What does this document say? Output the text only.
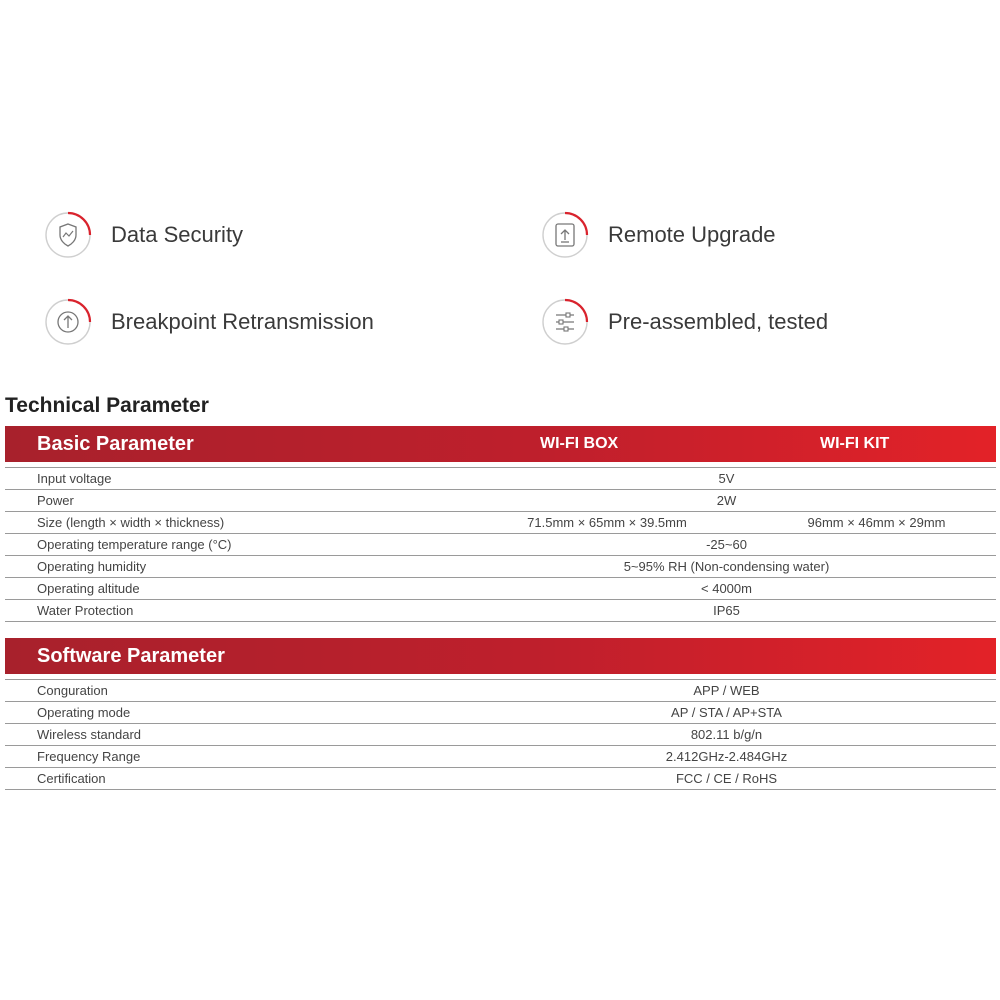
Data Security	Remote Upgrade
Breakpoint Retransmission	Pre-assembled, tested
Technical Parameter
Basic Parameter	WI-FI BOX	WI-FI KIT
Input voltage	5V	
Power	2W	
Size (length × width × thickness)	71.5mm × 65mm × 39.5mm	96mm × 46mm × 29mm
Operating temperature range (°C)	-25~60	
Operating humidity	5~95% RH (Non-condensing water)	
Operating altitude	< 4000m	
Water Protection	IP65	
Software Parameter
Conguration	APP / WEB
Operating mode	AP / STA / AP+STA
Wireless standard	802.11 b/g/n
Frequency Range	2.412GHz-2.484GHz
Certification	FCC / CE / RoHS
